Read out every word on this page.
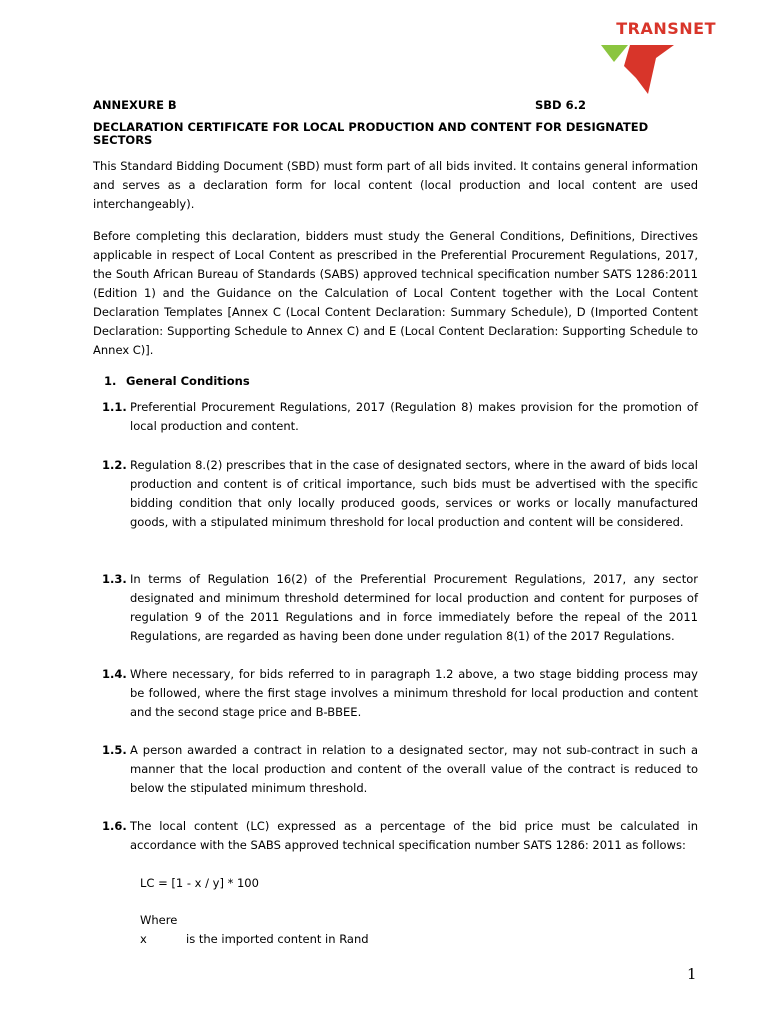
TRANSNET
ANNEXURE B	SBD 6.2
DECLARATION CERTIFICATE FOR LOCAL PRODUCTION AND CONTENT FOR DESIGNATED SECTORS

This Standard Bidding Document (SBD) must form part of all bids invited. It contains general information and serves as a declaration form for local content (local production and local content are used interchangeably).

Before completing this declaration, bidders must study the General Conditions, Definitions, Directives applicable in respect of Local Content as prescribed in the Preferential Procurement Regulations, 2017, the South African Bureau of Standards (SABS) approved technical specification number SATS 1286:2011 (Edition 1) and the Guidance on the Calculation of Local Content together with the Local Content Declaration Templates [Annex C (Local Content Declaration: Summary Schedule), D (Imported Content Declaration: Supporting Schedule to Annex C) and E (Local Content Declaration: Supporting Schedule to Annex C)].

1. General Conditions
1.1. Preferential Procurement Regulations, 2017 (Regulation 8) makes provision for the promotion of local production and content.

1.2. Regulation 8.(2) prescribes that in the case of designated sectors, where in the award of bids local production and content is of critical importance, such bids must be advertised with the specific bidding condition that only locally produced goods, services or works or locally manufactured goods, with a stipulated minimum threshold for local production and content will be considered.

1.3. In terms of Regulation 16(2) of the Preferential Procurement Regulations, 2017, any sector designated and minimum threshold determined for local production and content for purposes of regulation 9 of the 2011 Regulations and in force immediately before the repeal of the 2011 Regulations, are regarded as having been done under regulation 8(1) of the 2017 Regulations.

1.4. Where necessary, for bids referred to in paragraph 1.2 above, a two stage bidding process may be followed, where the first stage involves a minimum threshold for local production and content and the second stage price and B-BBEE.

1.5. A person awarded a contract in relation to a designated sector, may not sub-contract in such a manner that the local production and content of the overall value of the contract is reduced to below the stipulated minimum threshold.

1.6. The local content (LC) expressed as a percentage of the bid price must be calculated in accordance with the SABS approved technical specification number SATS 1286: 2011 as follows:

LC = [1 - x / y] * 100
Where
x	is the imported content in Rand
1
